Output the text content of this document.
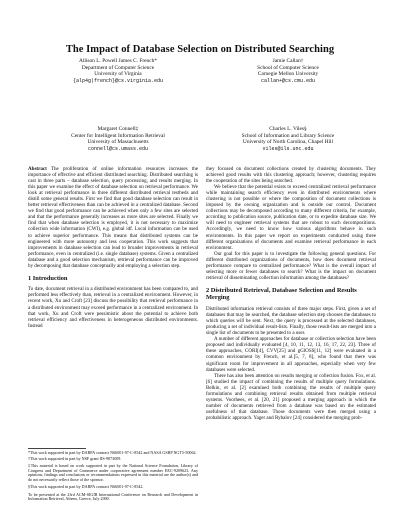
The Impact of Database Selection on Distributed Searching
Allison L. Powell James C. French*
Department of Computer Science
University of Virginia
{alp4g|french}@cs.virginia.edu
Jamie Callan†
School of Computer Science
Carnegie Mellon University
callan+@cs.cmu.edu
Margaret Connell‡
Center for Intelligent Information Retrieval
University of Massachusetts
connell@cs.umass.edu
Charles L. Viles§
School of Information and Library Science
University of North Carolina, Chapel Hill
viles@ils.unc.edu

Abstract The proliferation of online information resources increases the importance of effective and efficient distributed searching. Distributed searching is cast in three parts – database selection, query processing, and results merging. In this paper we examine the effect of database selection on retrieval performance. We look at retrieval performance in three different distributed retrieval testbeds and distill some general results. First we find that good database selection can result in better retrieval effectiveness than can be achieved in a centralized database. Second we find that good performance can be achieved when only a few sites are selected and that the performance generally increases as more sites are selected. Finally we find that when database selection is employed, it is not necessary to maximize collection wide information (CWI), e.g. global idf. Local information can be used to achieve superior performance. This means that distributed systems can be engineered with more autonomy and less cooperation. This work suggests that improvements in database selection can lead to broader improvements in retrieval performance, even in centralized (i.e. single database) systems. Given a centralized database and a good selection mechanism, retrieval performance can be improved by decomposing that database conceptually and employing a selection step.

1 Introduction

To date, document retrieval in a distributed environment has been compared to, and performed less effectively than, retrieval in a centralized environment. However, in recent work, Xu and Croft [23] discuss the possibility that retrieval performance in a distributed environment may exceed performance in a centralized environment. In that work, Xu and Croft were pessimistic about the potential to achieve both retrieval efficiency and effectiveness in heterogeneous distributed environments. Instead

*This work supported in part by DARPA contract N66001-97-C-8542 and NASA GSRP NGT5-50062.

†This work supported in part by NSF grant IIS-9873009.

‡This material is based on work supported in part by the National Science Foundation, Library of Congress and Department of Commerce under cooperative agreement number EEC-9209623. Any opinions, findings and conclusions or recommendations expressed in this material are the author(s) and do not necessarily reflect those of the sponsor.

§This work supported in part by DARPA contract N66001-97-C-8542.

To be presented at the 23rd ACM-SIGIR International Conference on Research and Development in Information Retrieval, Athens, Greece, July 2000.

they focused on document collections created by clustering documents. They achieved good results with this clustering approach; however, clustering requires the cooperation of the sites being searched.

We believe that the potential exists to exceed centralized retrieval performance while maintaining search efficiency even in distributed environments where clustering is not possible or where the composition of document collections is imposed by the owning organization and is outside our control. Document collections may be decomposed according to many different criteria, for example, according to publication source, publication date, or to expedite database size. We will need to engineer retrieval systems that are robust to such decompositions. Accordingly, we need to know how various algorithms behave in such environments. In this paper we report on experiments conducted using three different organizations of documents and examine retrieval performance in each environment.

Our goal for this paper is to investigate the following general questions. For different distributed organizations of documents, how does document retrieval performance compare to centralized performance? What is the overall impact of selecting more or fewer databases to search? What is the impact on document retrieval of disseminating collection information among the databases?

2 Distributed Retrieval, Database Selection and Results Merging

Distributed information retrieval consists of three major steps. First, given a set of databases that may be searched, the database selection step chooses the databases to which queries will be sent. Next, the query is processed at the selected databases, producing a set of individual result-lists. Finally, those result-lists are merged into a single list of documents to be presented to a user.

A number of different approaches for database or collection selection have been proposed and individually evaluated [4, 10, 11, 12, 13, 16, 17, 22, 23]. Three of these approaches, CORI[4], CVV[25] and gGlOSS[11, 12] were evaluated in a common environment by French, et al.[5, 7, 8], who found that there was significant room for improvement in all approaches, especially when very few databases were selected.

There has also been attention on results merging or collection fusion. Fox, et al.[6] studied the impact of combining the results of multiple query formulations. Belkin, et al. [2] examined both combining the results of multiple query formulations and combining retrieval results obtained from multiple retrieval systems. Voorhees, et al. [20, 21] proposed a merging approach in which the number of documents retrieved from a database was based on the estimated usefulness of that database. Those documents were then merged using a probabilistic approach. Yager and Rybalov [24] considered the merging prob-
